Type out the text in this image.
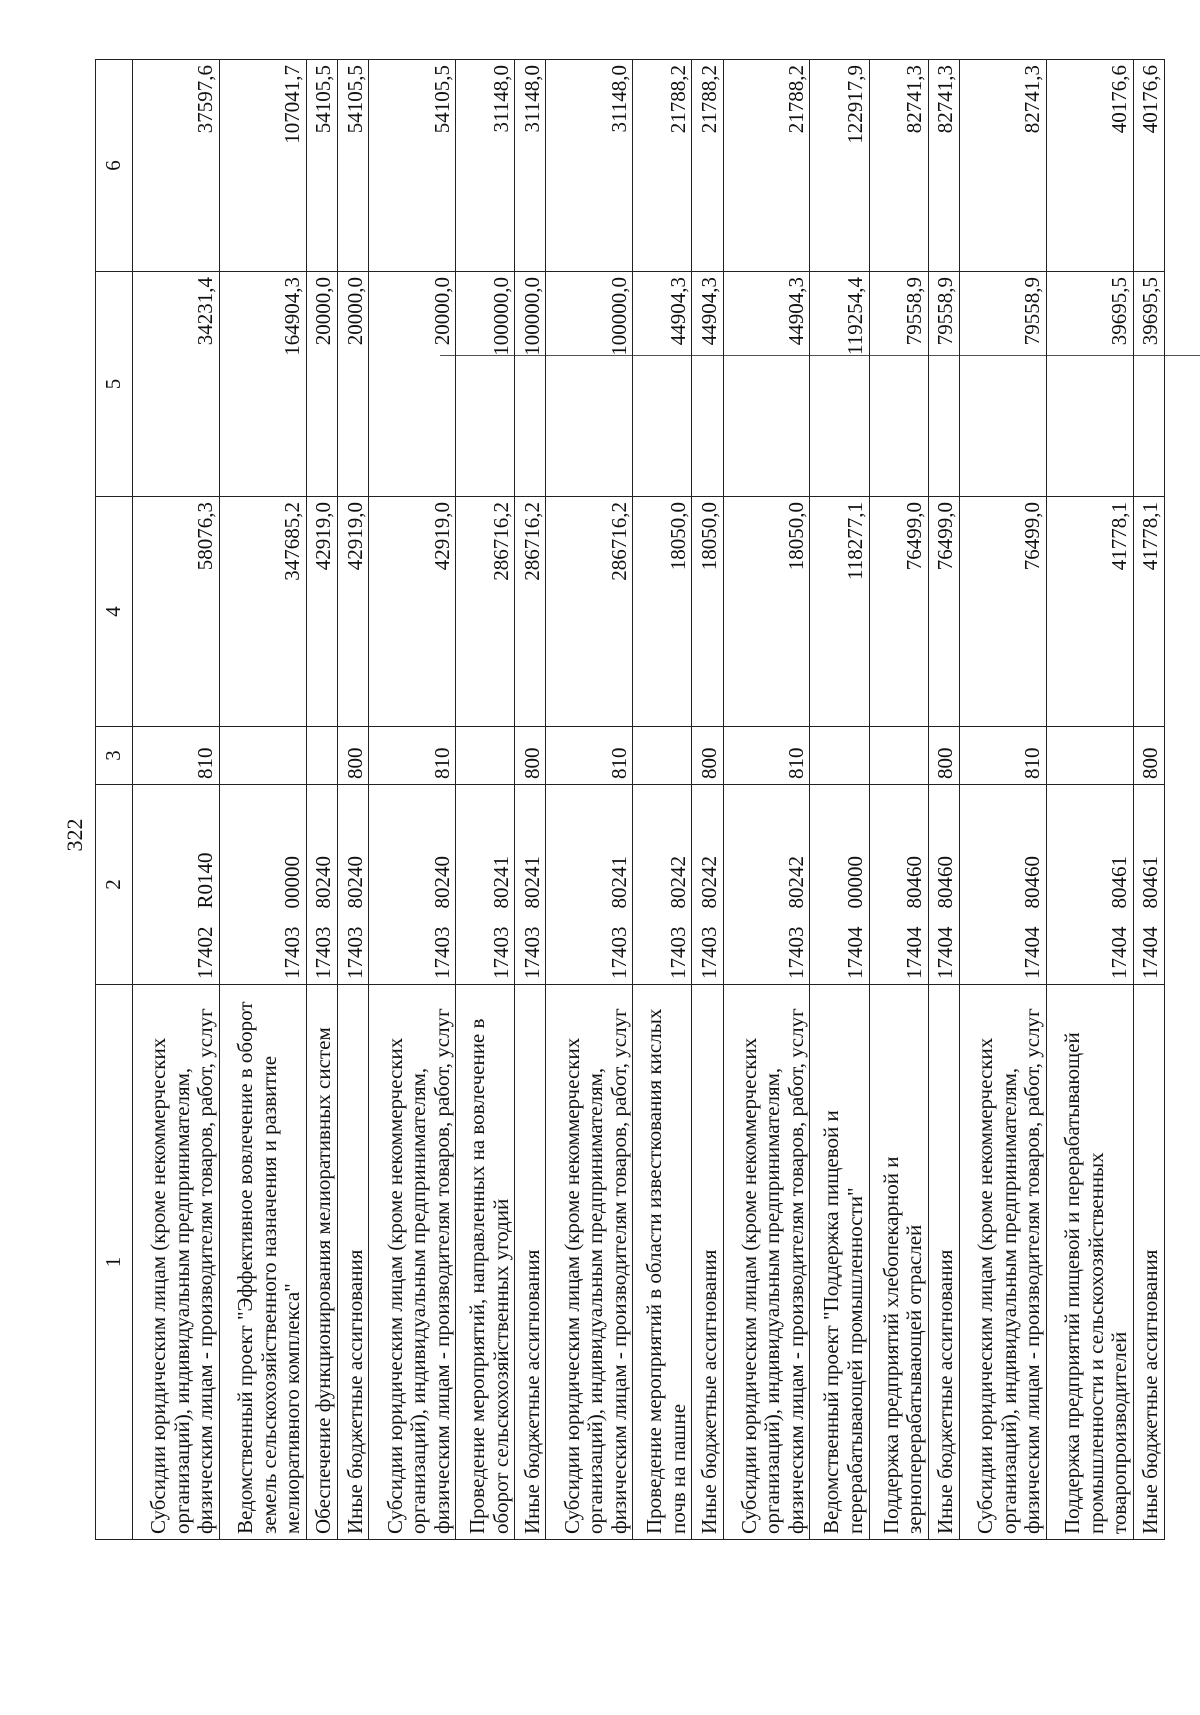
322
1	2	3	4	5	6
Субсидии юридическим лицам (кроме некоммерческих организаций), индивидуальным предпринимателям, физическим лицам - производителям товаров, работ, услуг	17402R0140	810	58076,3	34231,4	37597,6
Ведомственный проект "Эффективное вовлечение в оборот земель сельскохозяйственного назначения и развитие мелиоративного комплекса"	1740300000		347685,2	164904,3	107041,7
Обеспечение функционирования мелиоративных систем	1740380240		42919,0	20000,0	54105,5
Иные бюджетные ассигнования	1740380240	800	42919,0	20000,0	54105,5
Субсидии юридическим лицам (кроме некоммерческих организаций), индивидуальным предпринимателям, физическим лицам - производителям товаров, работ, услуг	1740380240	810	42919,0	20000,0	54105,5
Проведение мероприятий, направленных на вовлечение в оборот сельскохозяйственных угодий	1740380241		286716,2	100000,0	31148,0
Иные бюджетные ассигнования	1740380241	800	286716,2	100000,0	31148,0
Субсидии юридическим лицам (кроме некоммерческих организаций), индивидуальным предпринимателям, физическим лицам - производителям товаров, работ, услуг	1740380241	810	286716,2	100000,0	31148,0
Проведение мероприятий в области известкования кислых почв на пашне	1740380242		18050,0	44904,3	21788,2
Иные бюджетные ассигнования	1740380242	800	18050,0	44904,3	21788,2
Субсидии юридическим лицам (кроме некоммерческих организаций), индивидуальным предпринимателям, физическим лицам - производителям товаров, работ, услуг	1740380242	810	18050,0	44904,3	21788,2
Ведомственный проект "Поддержка пищевой и перерабатывающей промышленности"	1740400000		118277,1	119254,4	122917,9
Поддержка предприятий хлебопекарной и зерноперерабатывающей отраслей	1740480460		76499,0	79558,9	82741,3
Иные бюджетные ассигнования	1740480460	800	76499,0	79558,9	82741,3
Субсидии юридическим лицам (кроме некоммерческих организаций), индивидуальным предпринимателям, физическим лицам - производителям товаров, работ, услуг	1740480460	810	76499,0	79558,9	82741,3
Поддержка предприятий пищевой и перерабатывающей промышленности и сельскохозяйственных товаропроизводителей	1740480461		41778,1	39695,5	40176,6
Иные бюджетные ассигнования	1740480461	800	41778,1	39695,5	40176,6
